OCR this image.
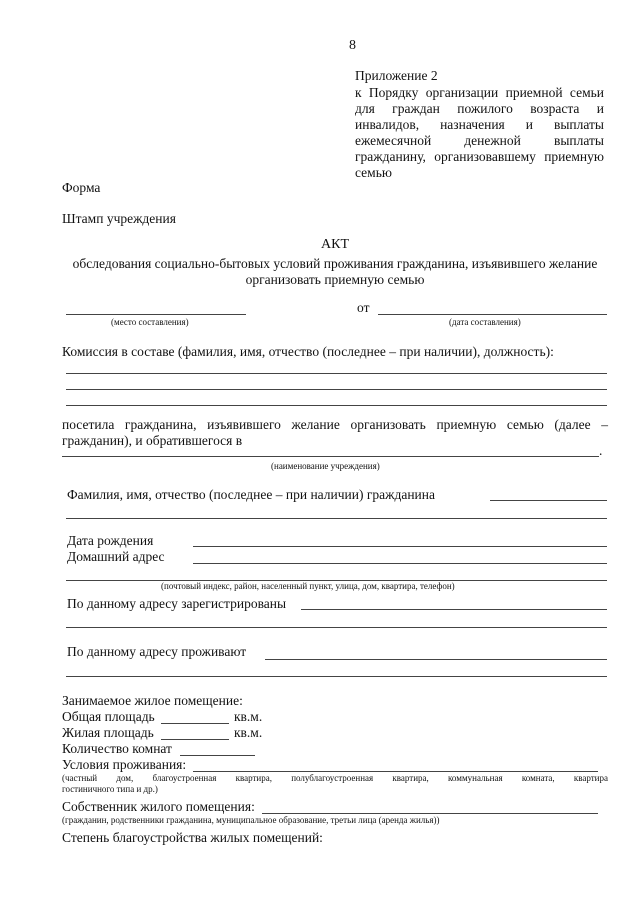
8
Приложение 2
к Порядку организации приемной семьи
для граждан пожилого возраста и
инвалидов, назначения и выплаты
ежемесячной денежной выплаты
гражданину, организовавшему приемную
семью
Форма
Штамп учреждения
АКТ
обследования социально-бытовых условий проживания гражданина, изъявившего желание
организовать приемную семью
от
(место составления)	(дата составления)
Комиссия в составе (фамилия, имя, отчество (последнее – при наличии), должность):
посетила гражданина, изъявившего желание организовать приемную семью (далее –
гражданин), и обратившегося в
.
(наименование учреждения)
Фамилия, имя, отчество (последнее – при наличии) гражданина
Дата рождения
Домашний адрес
(почтовый индекс, район, населенный пункт, улица, дом, квартира, телефон)
По данному адресу зарегистрированы
По данному адресу проживают
Занимаемое жилое помещение:
Общая площадь	кв.м.
Жилая площадь	кв.м.
Количество комнат
Условия проживания:
(частный дом, благоустроенная квартира, полублагоустроенная квартира, коммунальная комната, квартира
гостиничного типа и др.)
Собственник жилого помещения:
(гражданин, родственники гражданина, муниципальное образование, третьи лица (аренда жилья))
Степень благоустройства жилых помещений:
